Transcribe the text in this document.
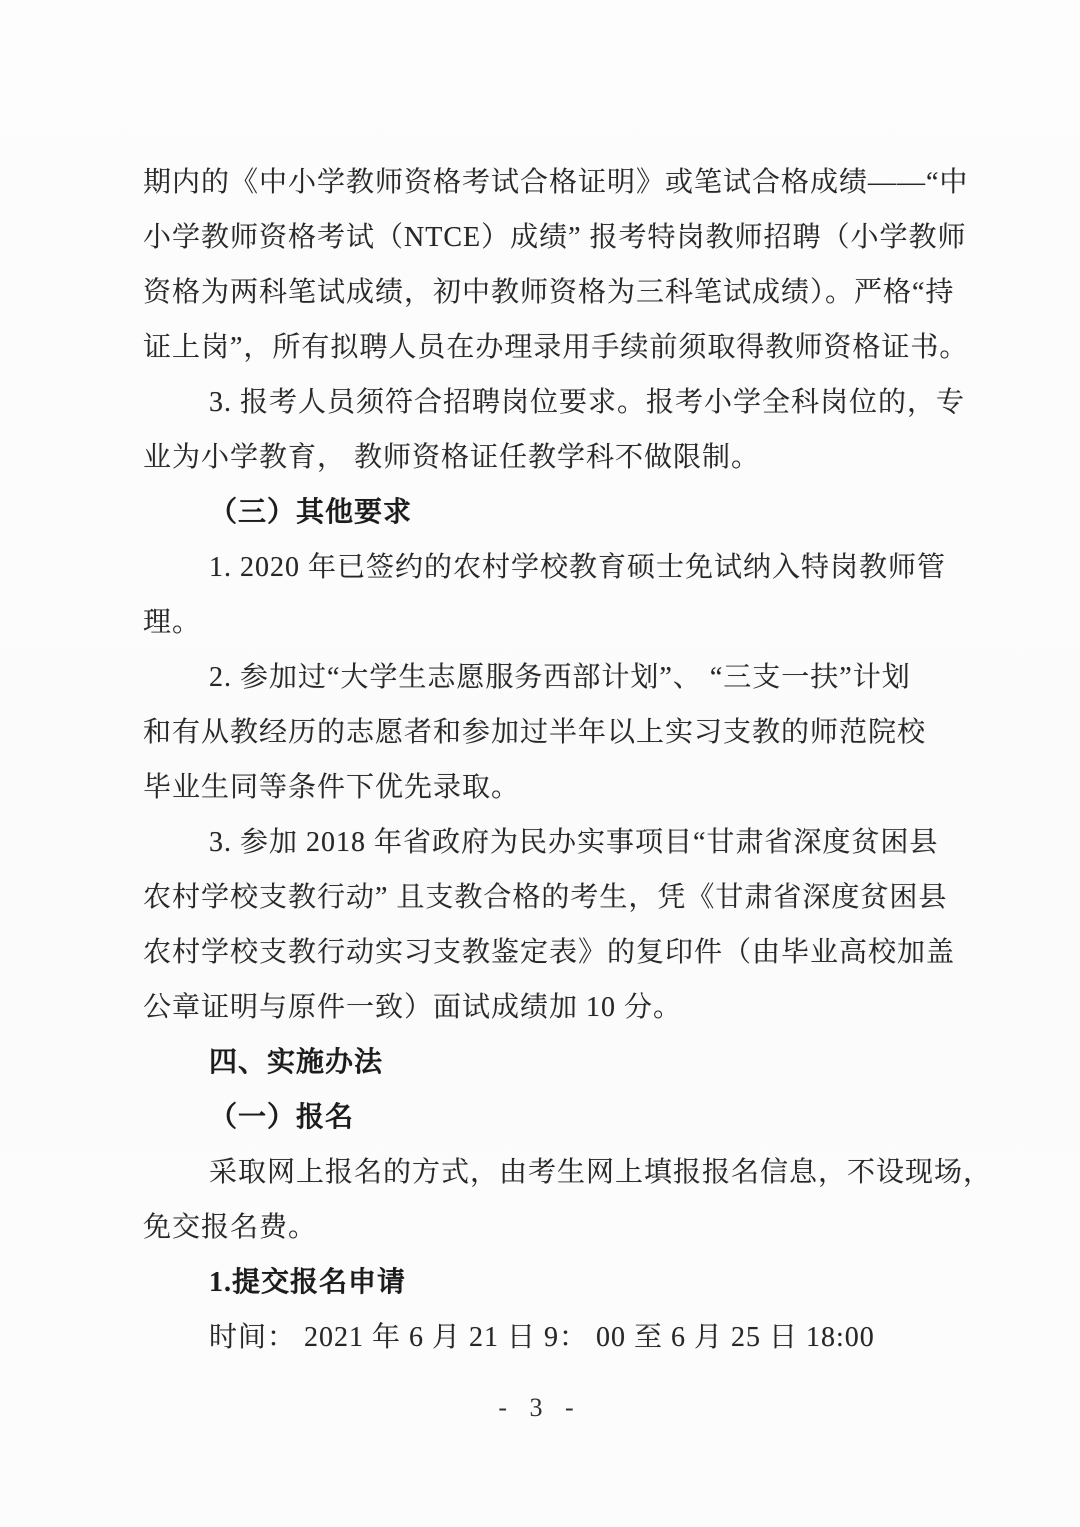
期内的《中小学教师资格考试合格证明》或笔试合格成绩——“中
小学教师资格考试（NTCE）成绩” 报考特岗教师招聘（小学教师
资格为两科笔试成绩，初中教师资格为三科笔试成绩）。严格“持
证上岗”，所有拟聘人员在办理录用手续前须取得教师资格证书。
3. 报考人员须符合招聘岗位要求。报考小学全科岗位的，专
业为小学教育， 教师资格证任教学科不做限制。
（三）其他要求
1. 2020 年已签约的农村学校教育硕士免试纳入特岗教师管
理。
2. 参加过“大学生志愿服务西部计划”、 “三支一扶”计划
和有从教经历的志愿者和参加过半年以上实习支教的师范院校
毕业生同等条件下优先录取。
3. 参加 2018 年省政府为民办实事项目“甘肃省深度贫困县
农村学校支教行动” 且支教合格的考生，凭《甘肃省深度贫困县
农村学校支教行动实习支教鉴定表》的复印件（由毕业高校加盖
公章证明与原件一致）面试成绩加 10 分。
四、实施办法
（一）报名
采取网上报名的方式，由考生网上填报报名信息，不设现场，
免交报名费。
1.提交报名申请
时间： 2021 年 6 月 21 日 9： 00 至 6 月 25 日 18:00
- 3 -
